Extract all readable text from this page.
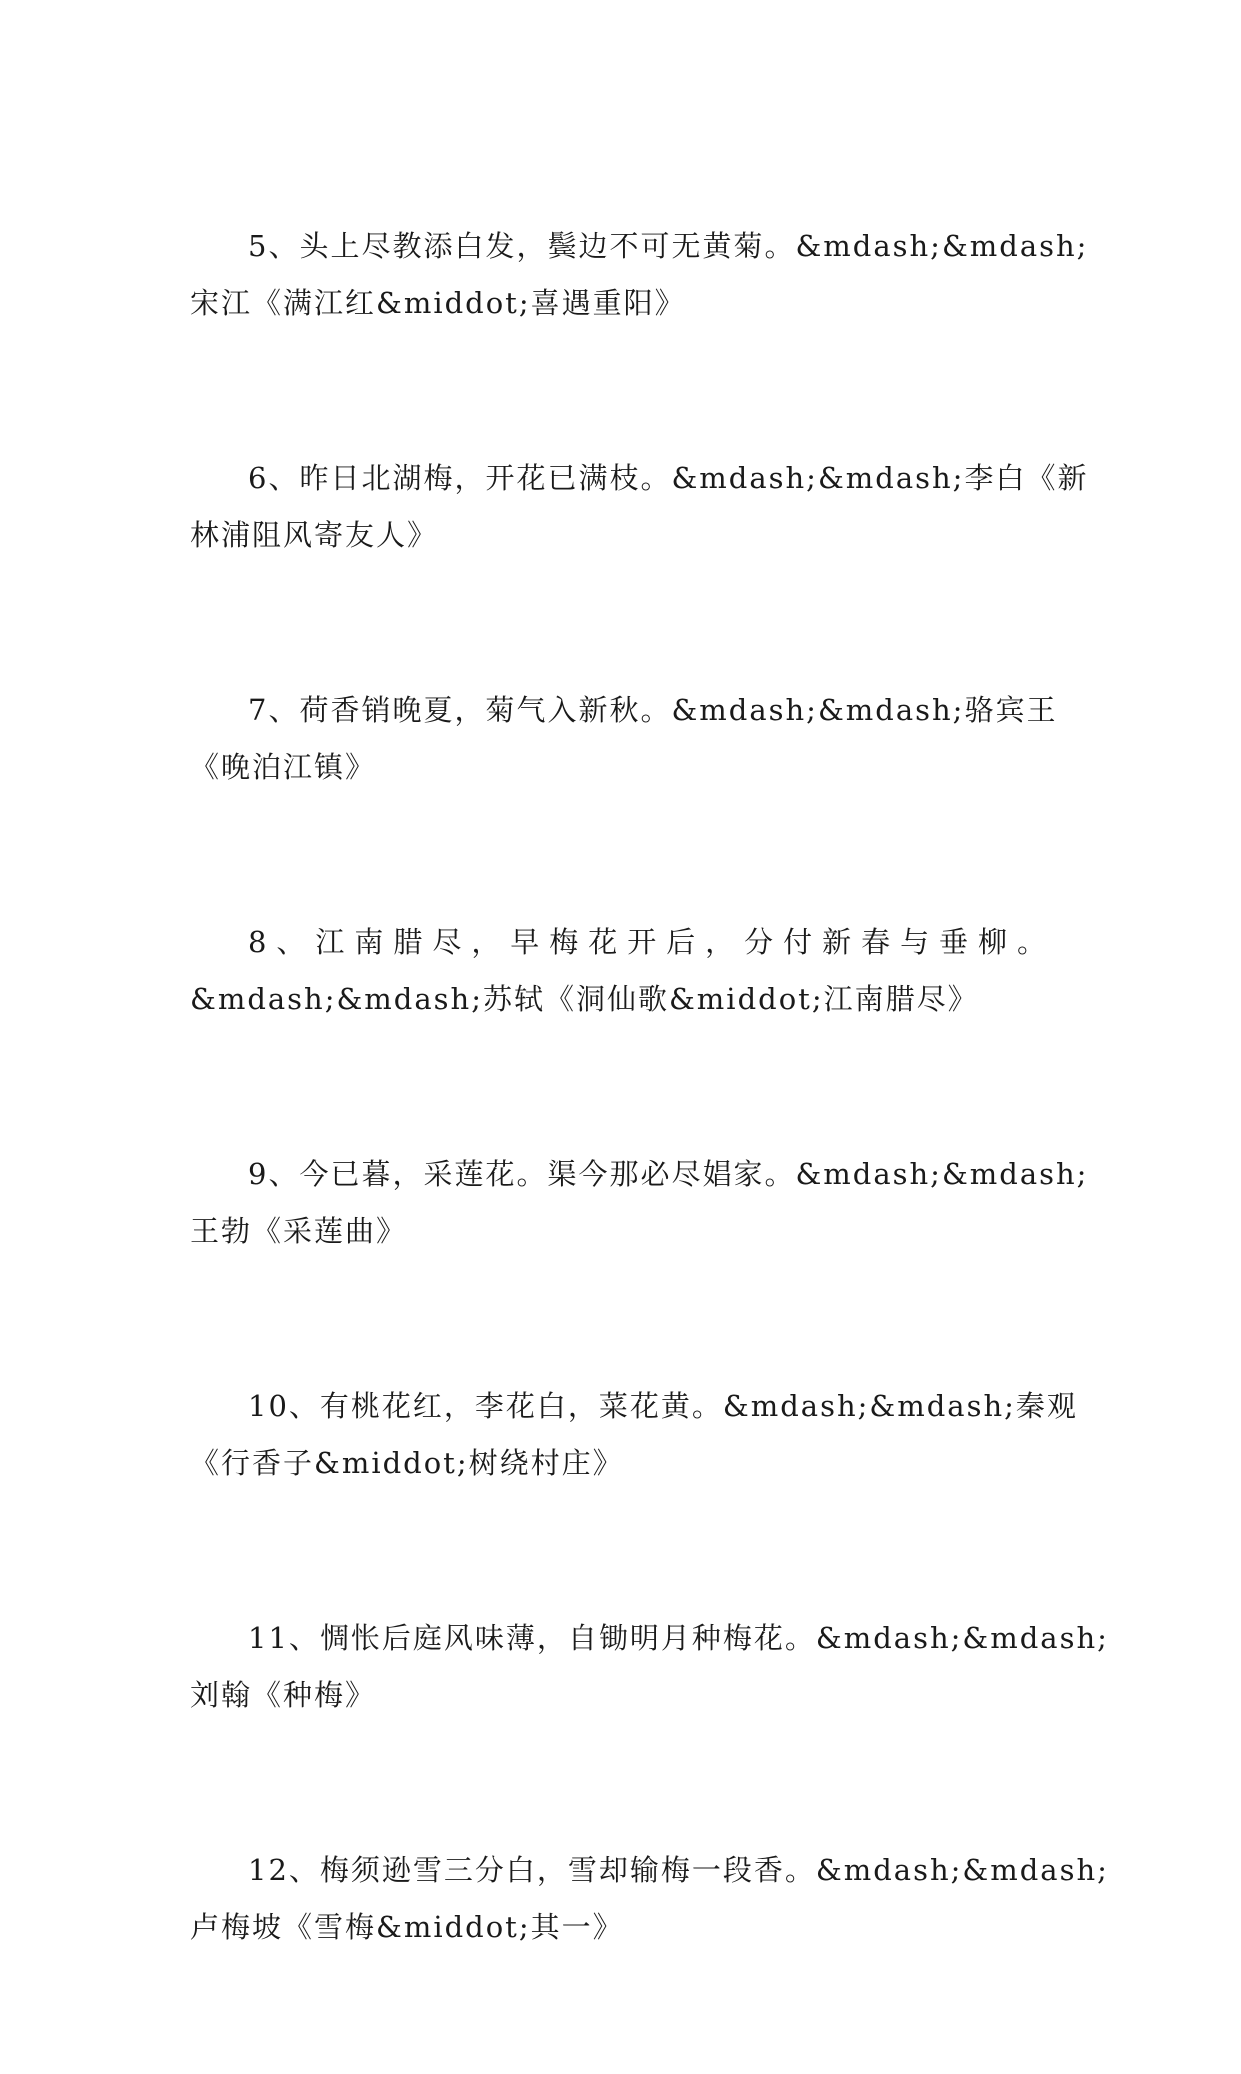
5、头上尽教添白发，鬓边不可无黄菊。&mdash;&mdash;
宋江《满江红&middot;喜遇重阳》
6、昨日北湖梅，开花已满枝。&mdash;&mdash;李白《新
林浦阻风寄友人》
7、荷香销晚夏，菊气入新秋。&mdash;&mdash;骆宾王
《晚泊江镇》
8、江南腊尽，早梅花开后，分付新春与垂柳。
&mdash;&mdash;苏轼《洞仙歌&middot;江南腊尽》
9、今已暮，采莲花。渠今那必尽娼家。&mdash;&mdash;
王勃《采莲曲》
10、有桃花红，李花白，菜花黄。&mdash;&mdash;秦观
《行香子&middot;树绕村庄》
11、惆怅后庭风味薄，自锄明月种梅花。&mdash;&mdash;
刘翰《种梅》
12、梅须逊雪三分白，雪却输梅一段香。&mdash;&mdash;
卢梅坡《雪梅&middot;其一》
